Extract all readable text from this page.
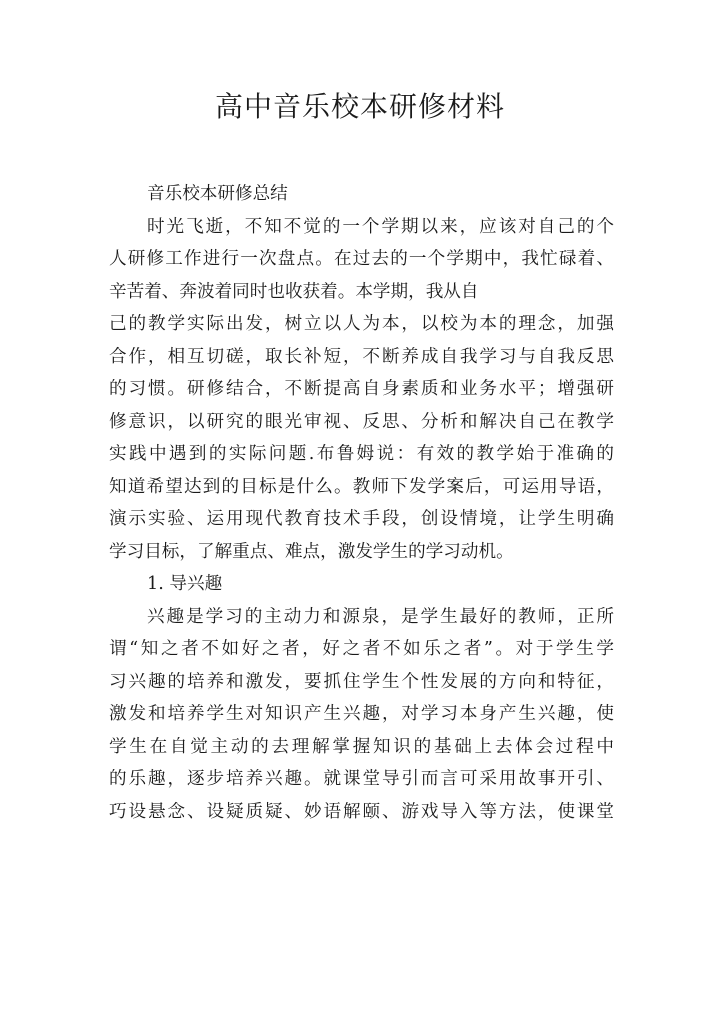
高中音乐校本研修材料
音乐校本研修总结
时光飞逝，不知不觉的一个学期以来，应该对自己的个
人研修工作进行一次盘点。在过去的一个学期中，我忙碌着、
辛苦着、奔波着同时也收获着。本学期，我从自
己的教学实际出发，树立以人为本，以校为本的理念，加强
合作，相互切磋，取长补短，不断养成自我学习与自我反思
的习惯。研修结合，不断提高自身素质和业务水平；增强研
修意识，以研究的眼光审视、反思、分析和解决自己在教学
实践中遇到的实际问题.布鲁姆说：有效的教学始于准确的
知道希望达到的目标是什么。教师下发学案后，可运用导语，
演示实验、运用现代教育技术手段，创设情境，让学生明确
学习目标，了解重点、难点，激发学生的学习动机。
1. 导兴趣
兴趣是学习的主动力和源泉，是学生最好的教师，正所
谓“知之者不如好之者，好之者不如乐之者”。对于学生学
习兴趣的培养和激发，要抓住学生个性发展的方向和特征，
激发和培养学生对知识产生兴趣，对学习本身产生兴趣，使
学生在自觉主动的去理解掌握知识的基础上去体会过程中
的乐趣，逐步培养兴趣。就课堂导引而言可采用故事开引、
巧设悬念、设疑质疑、妙语解颐、游戏导入等方法，使课堂
